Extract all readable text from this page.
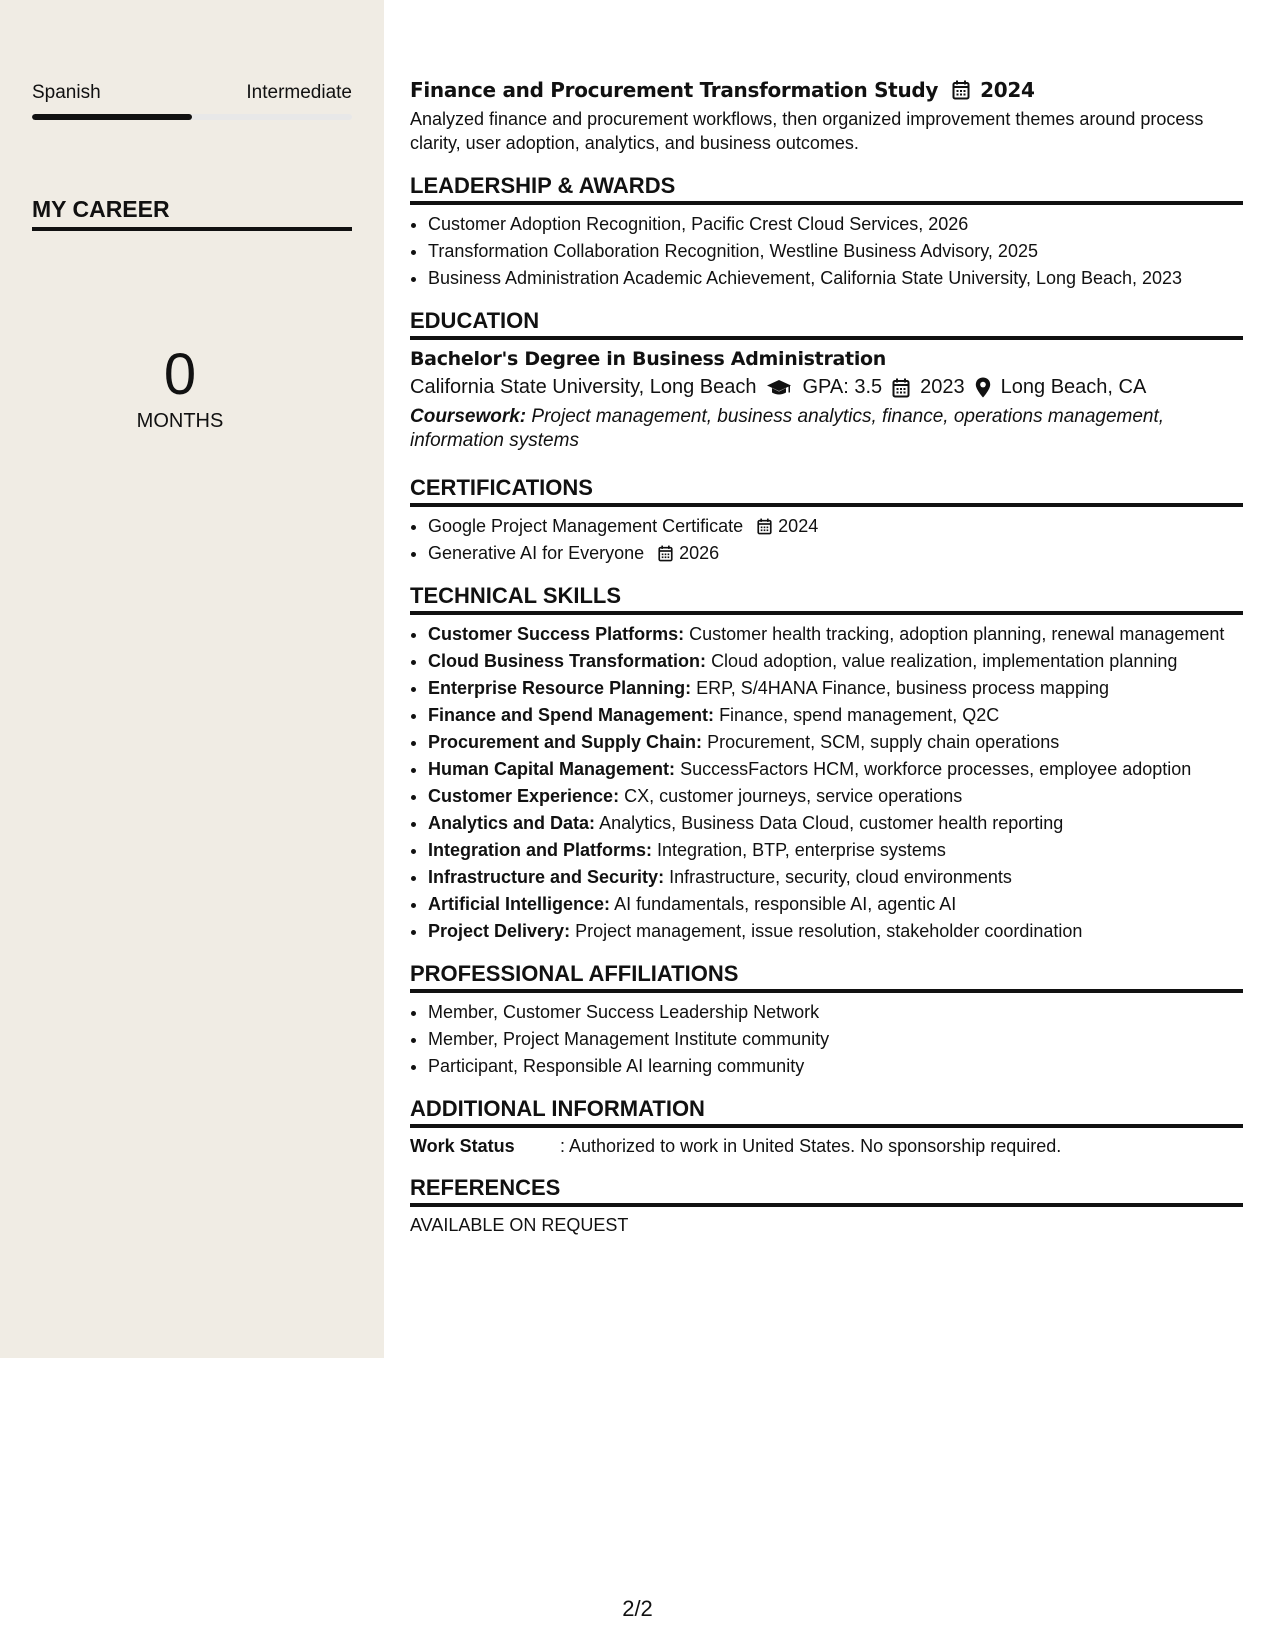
Spanish	Intermediate
MY CAREER
0
MONTHS
Finance and Procurement Transformation Study 2024
Analyzed finance and procurement workflows, then organized improvement themes around process clarity, user adoption, analytics, and business outcomes.
LEADERSHIP & AWARDS
• Customer Adoption Recognition, Pacific Crest Cloud Services, 2026
• Transformation Collaboration Recognition, Westline Business Advisory, 2025
• Business Administration Academic Achievement, California State University, Long Beach, 2023
EDUCATION
Bachelor's Degree in Business Administration
California State University, Long Beach GPA: 3.5 2023 Long Beach, CA
Coursework: Project management, business analytics, finance, operations management, information systems
CERTIFICATIONS
• Google Project Management Certificate 2024
• Generative AI for Everyone 2026
TECHNICAL SKILLS
• Customer Success Platforms: Customer health tracking, adoption planning, renewal management
• Cloud Business Transformation: Cloud adoption, value realization, implementation planning
• Enterprise Resource Planning: ERP, S/4HANA Finance, business process mapping
• Finance and Spend Management: Finance, spend management, Q2C
• Procurement and Supply Chain: Procurement, SCM, supply chain operations
• Human Capital Management: SuccessFactors HCM, workforce processes, employee adoption
• Customer Experience: CX, customer journeys, service operations
• Analytics and Data: Analytics, Business Data Cloud, customer health reporting
• Integration and Platforms: Integration, BTP, enterprise systems
• Infrastructure and Security: Infrastructure, security, cloud environments
• Artificial Intelligence: AI fundamentals, responsible AI, agentic AI
• Project Delivery: Project management, issue resolution, stakeholder coordination
PROFESSIONAL AFFILIATIONS
• Member, Customer Success Leadership Network
• Member, Project Management Institute community
• Participant, Responsible AI learning community
ADDITIONAL INFORMATION
Work Status	: Authorized to work in United States. No sponsorship required.
REFERENCES
AVAILABLE ON REQUEST
2/2
